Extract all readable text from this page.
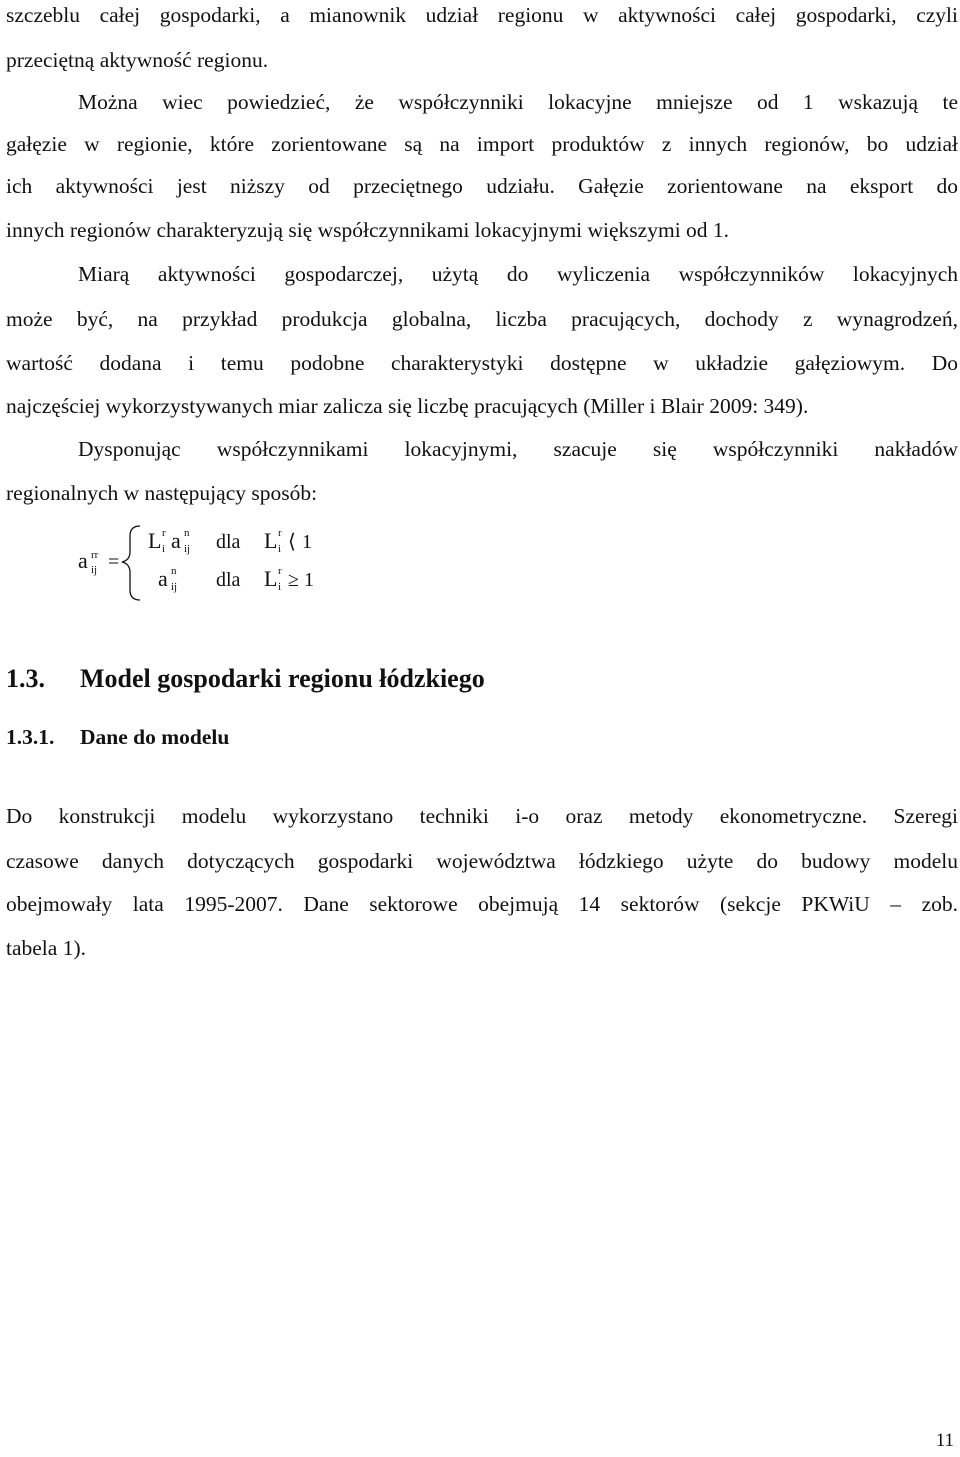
szczeblu całej gospodarki, a mianownik udział regionu w aktywności całej gospodarki, czyli
przeciętną aktywność regionu.
Można wiec powiedzieć, że współczynniki lokacyjne mniejsze od 1 wskazują te
gałęzie w regionie, które zorientowane są na import produktów z innych regionów, bo udział
ich aktywności jest niższy od przeciętnego udziału. Gałęzie zorientowane na eksport do
innych regionów charakteryzują się współczynnikami lokacyjnymi większymi od 1.
Miarą aktywności gospodarczej, użytą do wyliczenia współczynników lokacyjnych
może być, na przykład produkcja globalna, liczba pracujących, dochody z wynagrodzeń,
wartość dodana i temu podobne charakterystyki dostępne w układzie gałęziowym. Do
najczęściej wykorzystywanych miar zalicza się liczbę pracujących (Miller i Blair 2009: 349).
Dysponując współczynnikami lokacyjnymi, szacuje się współczynniki nakładów
regionalnych w następujący sposób:
a rr
ij =
L r
i a n
ij dla L r
i ⟨ 1
a n
ij dla L r
i ≥ 1
1.3. Model gospodarki regionu łódzkiego
1.3.1. Dane do modelu
Do konstrukcji modelu wykorzystano techniki i-o oraz metody ekonometryczne. Szeregi
czasowe danych dotyczących gospodarki województwa łódzkiego użyte do budowy modelu
obejmowały lata 1995-2007. Dane sektorowe obejmują 14 sektorów (sekcje PKWiU – zob.
tabela 1).
11
